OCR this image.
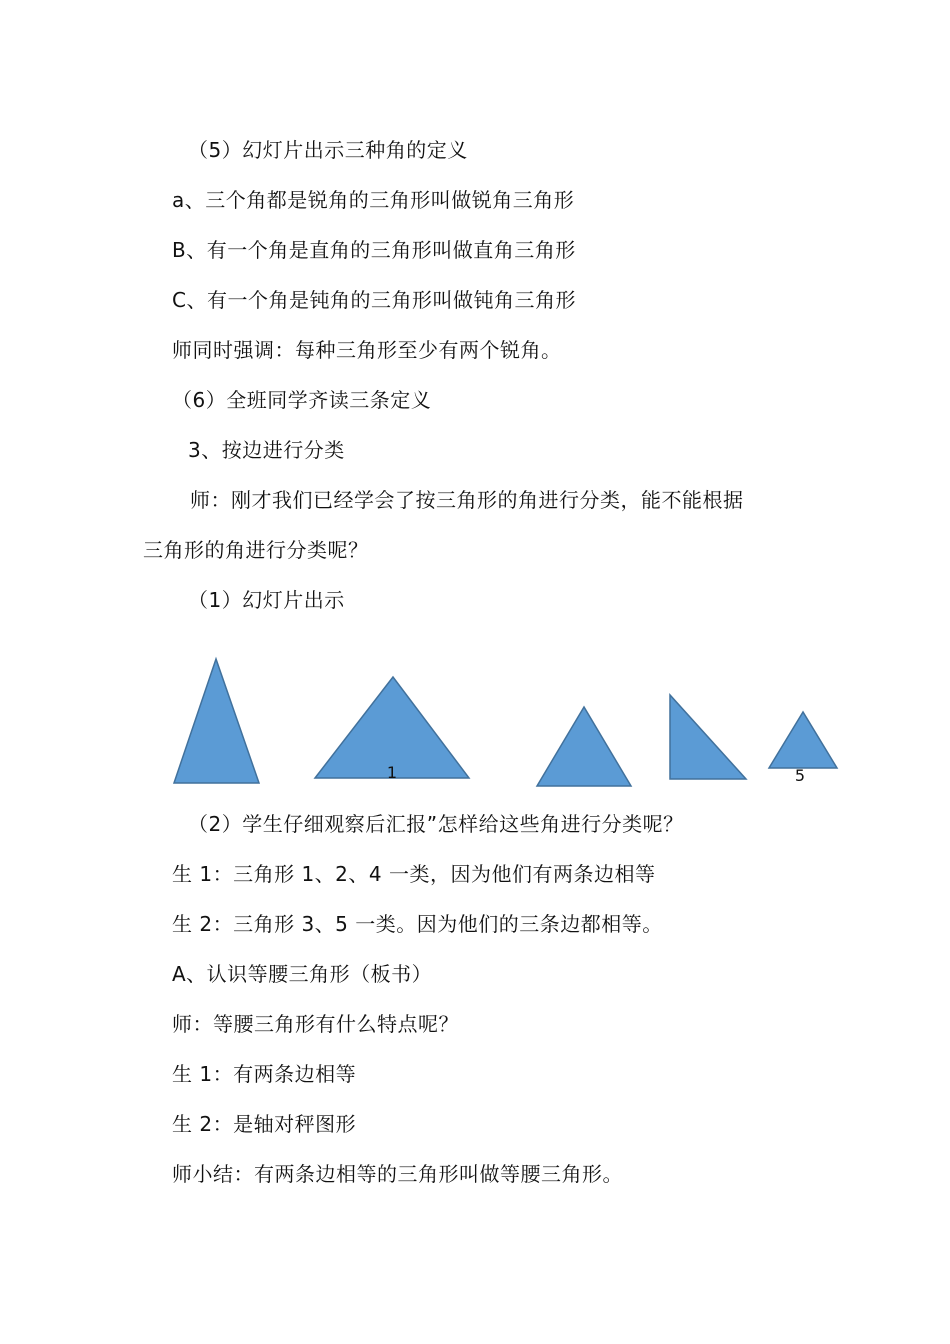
（5）幻灯片出示三种角的定义
a、三个角都是锐角的三角形叫做锐角三角形
B、有一个角是直角的三角形叫做直角三角形
C、有一个角是钝角的三角形叫做钝角三角形
师同时强调：每种三角形至少有两个锐角。
（6）全班同学齐读三条定义
3、按边进行分类
师：刚才我们已经学会了按三角形的角进行分类，能不能根据
三角形的角进行分类呢？
（1）幻灯片出示
1	5
（2）学生仔细观察后汇报”怎样给这些角进行分类呢？
生 1：三角形 1、2、4 一类，因为他们有两条边相等
生 2：三角形 3、5 一类。因为他们的三条边都相等。
A、认识等腰三角形（板书）
师：等腰三角形有什么特点呢？
生 1：有两条边相等
生 2：是轴对秤图形
师小结：有两条边相等的三角形叫做等腰三角形。
